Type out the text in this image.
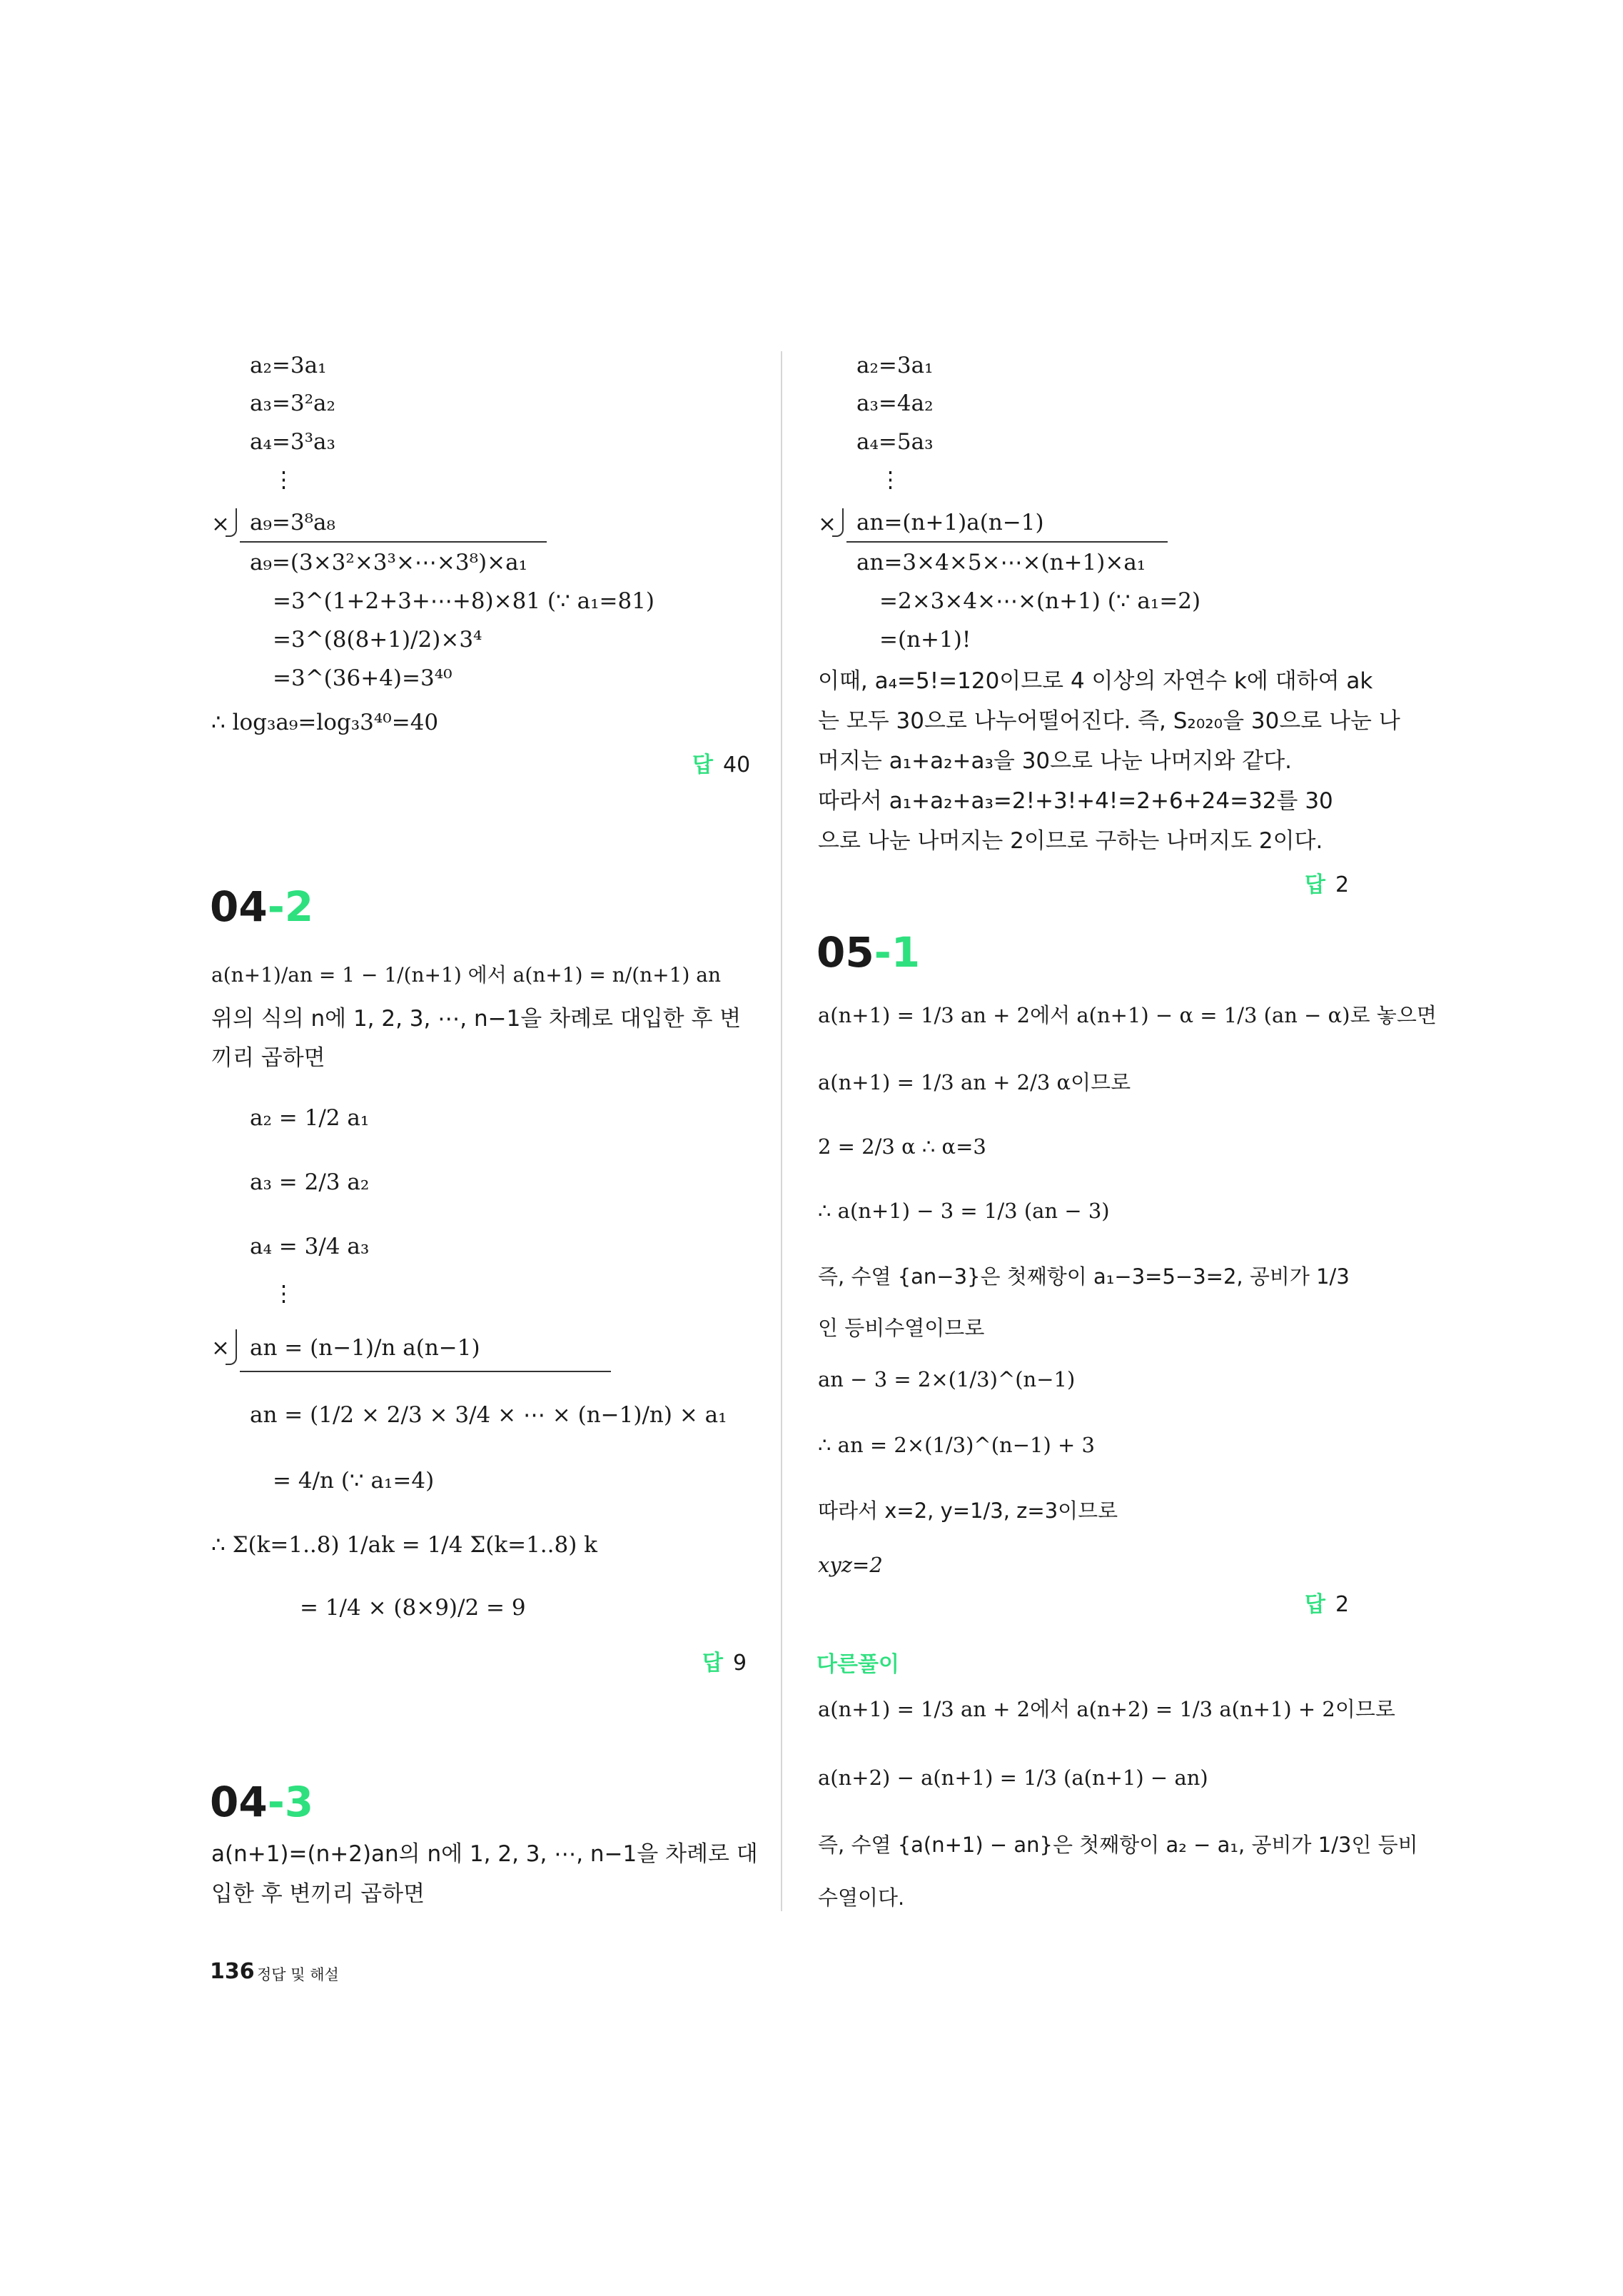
a₂=3a₁
a₃=3²a₂
a₄=3³a₃
⋮
× a₉=3⁸a₈
a₉=(3×3²×3³×⋯×3⁸)×a₁
=3^(1+2+3+⋯+8)×81 (∵ a₁=81)
=3^(8(8+1)/2)×3⁴
=3^(36+4)=3⁴⁰
∴ log₃a₉=log₃3⁴⁰=40
답 40
04-2
a(n+1)/an = 1 − 1/(n+1) 에서 a(n+1) = n/(n+1) an
위의 식의 n에 1, 2, 3, ⋯, n−1을 차례로 대입한 후 변끼리 곱하면
a₂ = 1/2 a₁
a₃ = 2/3 a₂
a₄ = 3/4 a₃
⋮
× an = (n−1)/n a(n−1)
an = (1/2 × 2/3 × 3/4 × ⋯ × (n−1)/n) × a₁
= 4/n (∵ a₁=4)
∴ Σ(k=1..8) 1/ak = 1/4 Σ(k=1..8) k
= 1/4 × (8×9)/2 = 9
답 9
04-3
a(n+1)=(n+2)an의 n에 1, 2, 3, ⋯, n−1을 차례로 대
입한 후 변끼리 곱하면
a₂=3a₁
a₃=4a₂
a₄=5a₃
⋮
× an=(n+1)a(n−1)
an=3×4×5×⋯×(n+1)×a₁
=2×3×4×⋯×(n+1) (∵ a₁=2)
=(n+1)!
이때, a₄=5!=120이므로 4 이상의 자연수 k에 대하여 ak
는 모두 30으로 나누어떨어진다. 즉, S₂₀₂₀을 30으로 나눈 나
머지는 a₁+a₂+a₃을 30으로 나눈 나머지와 같다.
따라서 a₁+a₂+a₃=2!+3!+4!=2+6+24=32를 30
으로 나눈 나머지는 2이므로 구하는 나머지도 2이다.
답 2
05-1
a(n+1) = 1/3 an + 2에서 a(n+1) − α = 1/3 (an − α)로 놓으면
a(n+1) = 1/3 an + 2/3 α이므로
2 = 2/3 α ∴ α=3
∴ a(n+1) − 3 = 1/3 (an − 3)
즉, 수열 {an−3}은 첫째항이 a₁−3=5−3=2, 공비가 1/3
인 등비수열이므로
an − 3 = 2×(1/3)^(n−1)
∴ an = 2×(1/3)^(n−1) + 3
따라서 x=2, y=1/3, z=3이므로
xyz=2
답 2
다른풀이
a(n+1) = 1/3 an + 2에서 a(n+2) = 1/3 a(n+1) + 2이므로
a(n+2) − a(n+1) = 1/3 (a(n+1) − an)
즉, 수열 {a(n+1) − an}은 첫째항이 a₂ − a₁, 공비가 1/3인 등비
수열이다.
136 정답 및 해설
